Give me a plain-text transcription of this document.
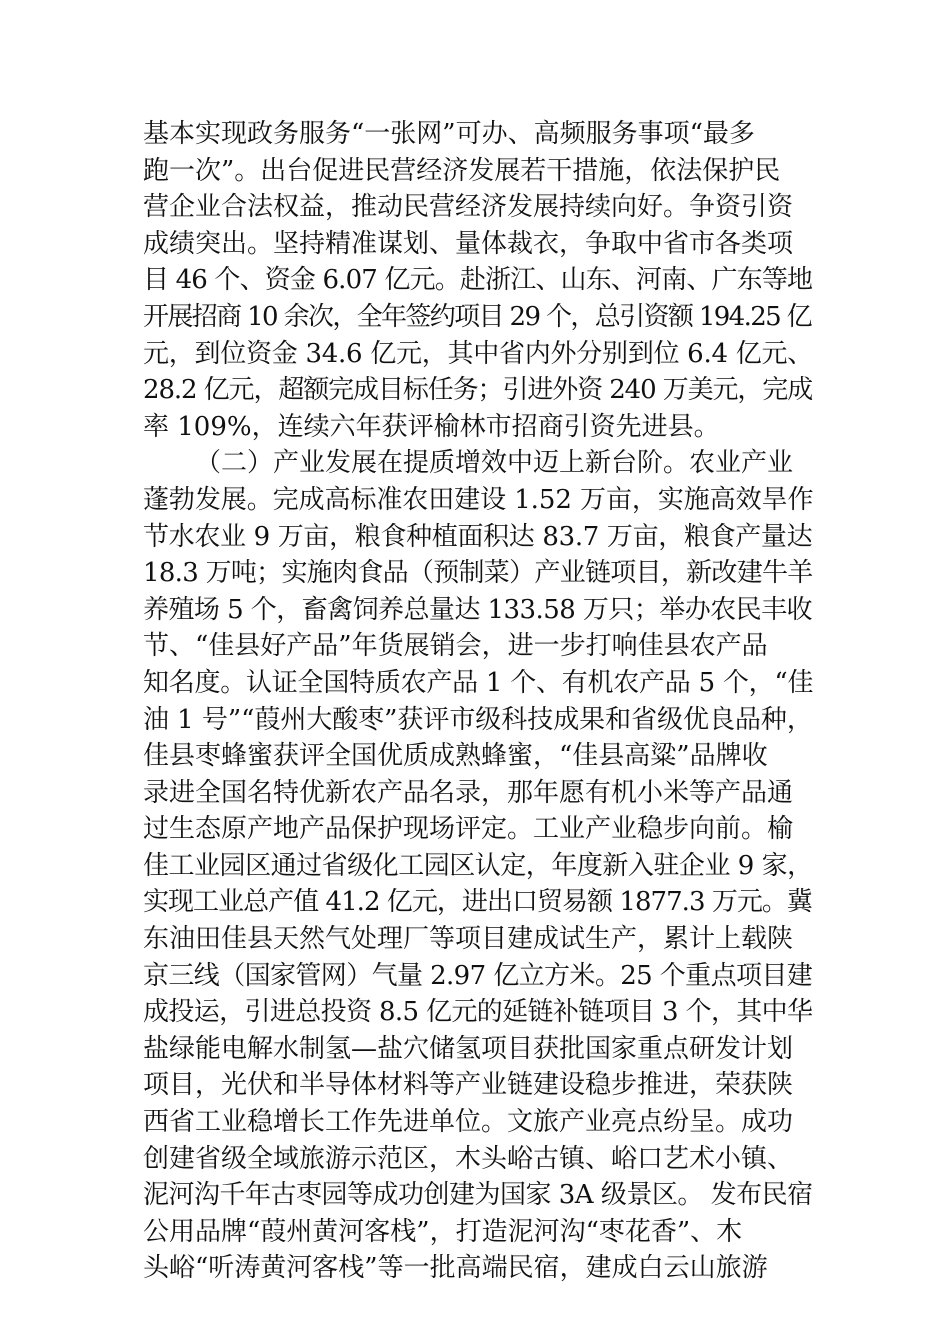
基本实现政务服务“一张网”可办、高频服务事项“最多
跑一次”。出台促进民营经济发展若干措施，依法保护民
营企业合法权益，推动民营经济发展持续向好。争资引资
成绩突出。坚持精准谋划、量体裁衣，争取中省市各类项
目 46 个、资金 6.07 亿元。赴浙江、山东、河南、广东等地
开展招商 10 余次，全年签约项目 29 个，总引资额 194.25 亿
元，到位资金 34.6 亿元，其中省内外分别到位 6.4 亿元、
28.2 亿元，超额完成目标任务；引进外资 240 万美元，完成
率 109%，连续六年获评榆林市招商引资先进县。
（二）产业发展在提质增效中迈上新台阶。农业产业
蓬勃发展。完成高标准农田建设 1.52 万亩，实施高效旱作
节水农业 9 万亩，粮食种植面积达 83.7 万亩，粮食产量达
18.3 万吨；实施肉食品（预制菜）产业链项目，新改建牛羊
养殖场 5 个，畜禽饲养总量达 133.58 万只；举办农民丰收
节、“佳县好产品”年货展销会，进一步打响佳县农产品
知名度。认证全国特质农产品 1 个、有机农产品 5 个，“佳
油 1 号”“葭州大酸枣”获评市级科技成果和省级优良品种，
佳县枣蜂蜜获评全国优质成熟蜂蜜，“佳县高粱”品牌收
录进全国名特优新农产品名录，那年愿有机小米等产品通
过生态原产地产品保护现场评定。工业产业稳步向前。榆
佳工业园区通过省级化工园区认定，年度新入驻企业 9 家，
实现工业总产值 41.2 亿元，进出口贸易额 1877.3 万元。冀
东油田佳县天然气处理厂等项目建成试生产，累计上载陕
京三线（国家管网）气量 2.97 亿立方米。25 个重点项目建
成投运，引进总投资 8.5 亿元的延链补链项目 3 个，其中华
盐绿能电解水制氢—盐穴储氢项目获批国家重点研发计划
项目，光伏和半导体材料等产业链建设稳步推进，荣获陕
西省工业稳增长工作先进单位。文旅产业亮点纷呈。成功
创建省级全域旅游示范区，木头峪古镇、峪口艺术小镇、
泥河沟千年古枣园等成功创建为国家 3A 级景区。 发布民宿
公用品牌“葭州黄河客栈”，打造泥河沟“枣花香”、木
头峪“听涛黄河客栈”等一批高端民宿，建成白云山旅游
